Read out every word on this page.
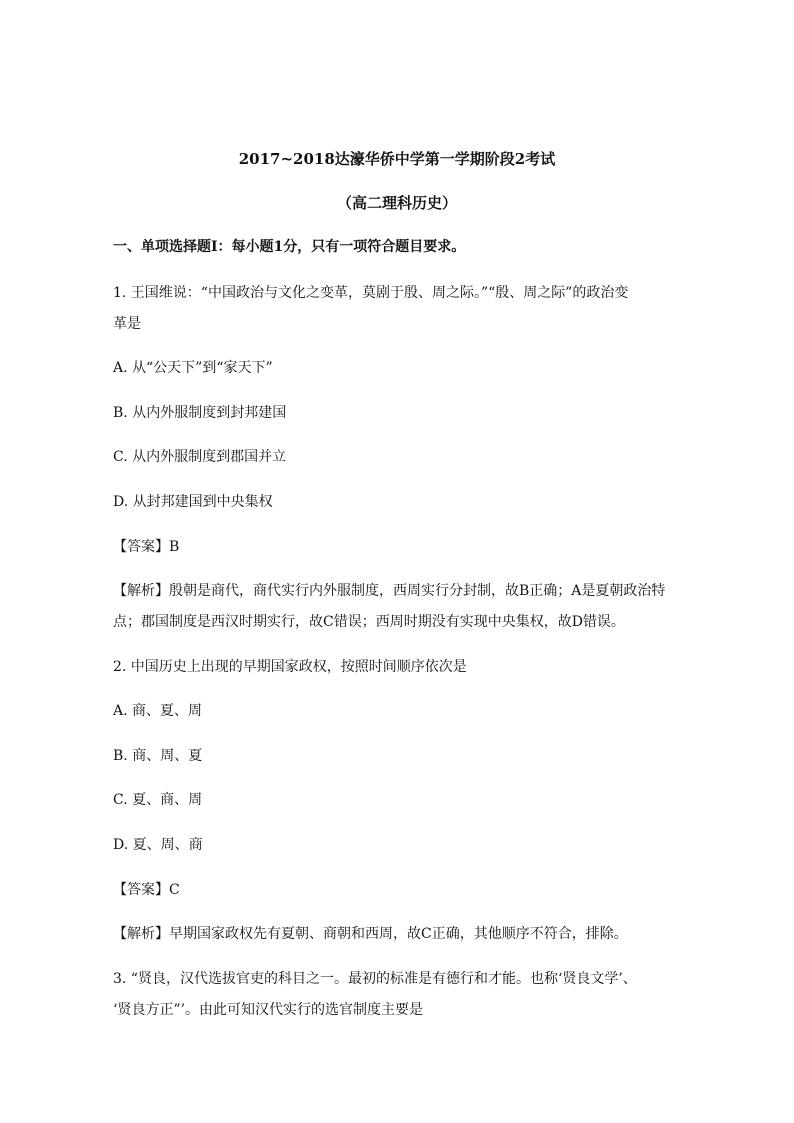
2017~2018达濠华侨中学第一学期阶段2考试
（高二理科历史）
一、单项选择题Ⅰ：每小题1分，只有一项符合题目要求。
1. 王国维说：“中国政治与文化之变革，莫剧于殷、周之际。”“殷、周之际”的政治变
革是
A. 从“公天下”到“家天下”
B. 从内外服制度到封邦建国
C. 从内外服制度到郡国并立
D. 从封邦建国到中央集权
【答案】B
【解析】殷朝是商代，商代实行内外服制度，西周实行分封制，故B正确；A是夏朝政治特
点；郡国制度是西汉时期实行，故C错误；西周时期没有实现中央集权，故D错误。
2. 中国历史上出现的早期国家政权，按照时间顺序依次是
A. 商、夏、周
B. 商、周、夏
C. 夏、商、周
D. 夏、周、商
【答案】C
【解析】早期国家政权先有夏朝、商朝和西周，故C正确，其他顺序不符合，排除。
3. “贤良，汉代选拔官吏的科目之一。最初的标准是有德行和才能。也称‘贤良文学’、
‘贤良方正”’。由此可知汉代实行的选官制度主要是
